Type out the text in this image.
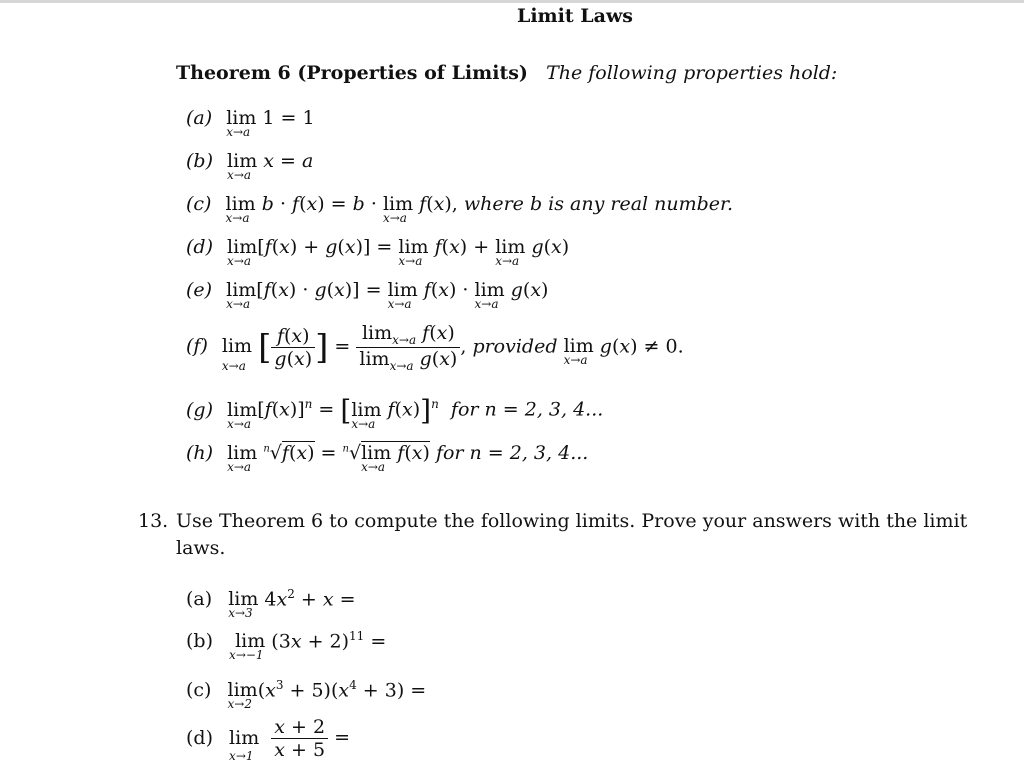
Limit Laws
Theorem 6 (Properties of Limits) The following properties hold:
(a) lim
x→a
1 = 1
(b) lim
x→a
x = a
(c) lim
x→a
b · f(x) = b · lim
x→a
f(x), where b is any real number.
(d) lim
x→a
[f(x) + g(x)] = lim
x→a
f(x) + lim
x→a
g(x)
(e) lim
x→a
[f(x) · g(x)] = lim
x→a
f(x) · lim
x→a
g(x)
(f) lim
x→a [ $\frac{f(x)}{g(x)}$ ] = $\frac{\lim_{x\to a} f(x)}{\lim_{x\to a} g(x)}$ , provided lim
x→a
g(x) ≠ 0.
(g) lim
x→a
$[f(x)]^n = [\lim$
x→a
f(x)]$^n$ for n = 2, 3, 4...
(h) lim
x→a
$^n$√f(x) = $^n$√lim
x→a
f(x) for n = 2, 3, 4...
13. Use Theorem 6 to compute the following limits. Prove your answers with the limit laws.
(a) lim
x→3
$4x^2 + x$ =
(b)  lim
x→−1
$(3x + 2)^{11}$ =
(c) lim
x→2
$(x^3 + 5)(x^4 + 3)$ =
(d) lim
x→1
$\frac{x + 2}{x + 5}$ =
